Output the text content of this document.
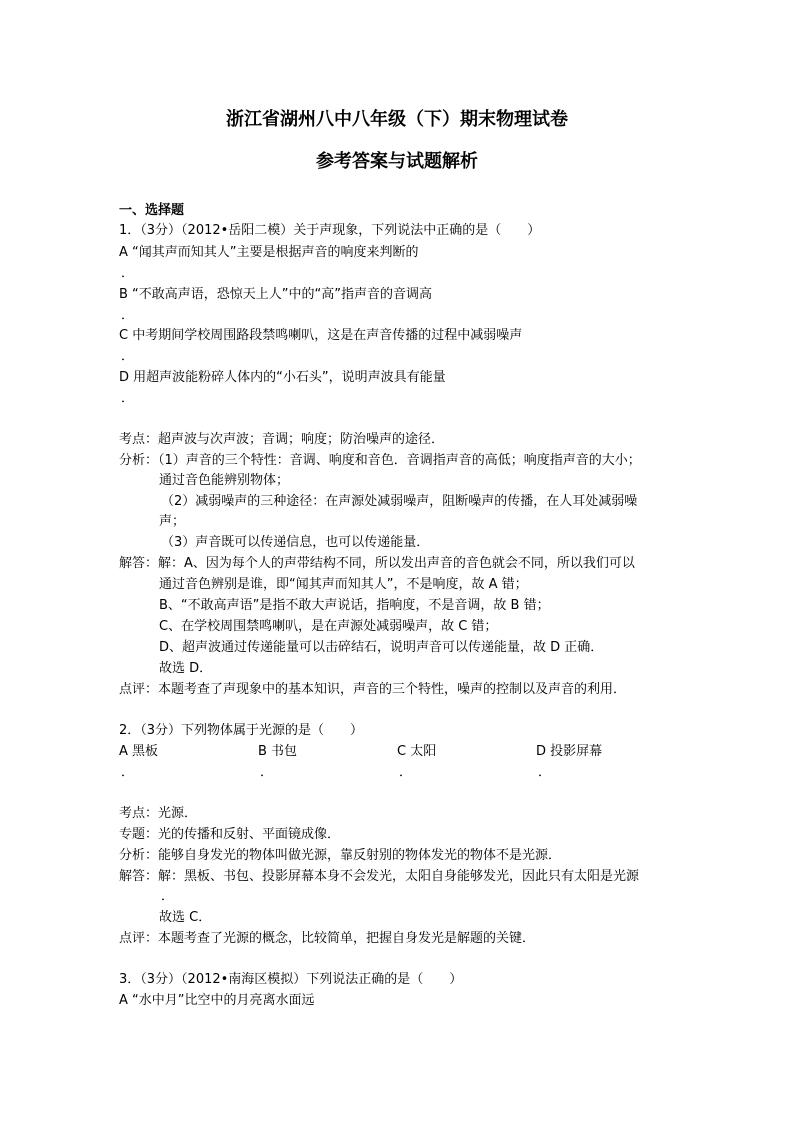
浙江省湖州八中八年级（下）期末物理试卷
参考答案与试题解析
一、选择题
1．（3分）（2012•岳阳二模）关于声现象，下列说法中正确的是（　　）
A “闻其声而知其人”主要是根据声音的响度来判断的
．
B “不敢高声语，恐惊天上人”中的“高”指声音的音调高
．
C 中考期间学校周围路段禁鸣喇叭，这是在声音传播的过程中减弱噪声
．
D 用超声波能粉碎人体内的“小石头”，说明声波具有能量
．
考点：超声波与次声波；音调；响度；防治噪声的途径．
分析：（1）声音的三个特性：音调、响度和音色．音调指声音的高低；响度指声音的大小；
通过音色能辨别物体；
（2）减弱噪声的三种途径：在声源处减弱噪声，阻断噪声的传播，在人耳处减弱噪
声；
（3）声音既可以传递信息，也可以传递能量．
解答：解：A、因为每个人的声带结构不同，所以发出声音的音色就会不同，所以我们可以
通过音色辨别是谁，即“闻其声而知其人”，不是响度，故 A 错；
B、“不敢高声语”是指不敢大声说话，指响度，不是音调，故 B 错；
C、在学校周围禁鸣喇叭，是在声源处减弱噪声，故 C 错；
D、超声波通过传递能量可以击碎结石，说明声音可以传递能量，故 D 正确．
故选 D．
点评：本题考查了声现象中的基本知识，声音的三个特性，噪声的控制以及声音的利用．
2．（3分）下列物体属于光源的是（　　）
A 黑板	B 书包	C 太阳	D 投影屏幕
．	．	．	．
考点：光源．
专题：光的传播和反射、平面镜成像．
分析：能够自身发光的物体叫做光源，靠反射别的物体发光的物体不是光源．
解答：解：黑板、书包、投影屏幕本身不会发光，太阳自身能够发光，因此只有太阳是光源
．
故选 C．
点评：本题考查了光源的概念，比较简单，把握自身发光是解题的关键．
3．（3分）（2012•南海区模拟）下列说法正确的是（　　）
A “水中月”比空中的月亮离水面远
